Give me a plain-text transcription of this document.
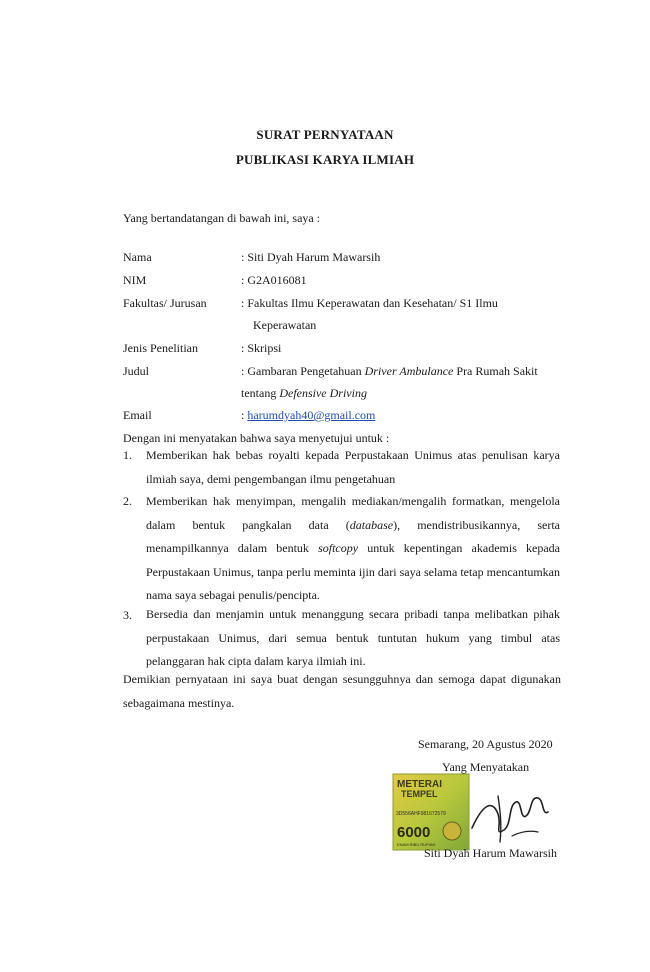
SURAT PERNYATAAN
PUBLIKASI KARYA ILMIAH
Yang bertandatangan di bawah ini, saya :
Nama	: Siti Dyah Harum Mawarsih
NIM	: G2A016081
Fakultas/ Jurusan	: Fakultas Ilmu Keperawatan dan Kesehatan/ S1 Ilmu
Keperawatan
Jenis Penelitian	: Skripsi
Judul	: Gambaran Pengetahuan Driver Ambulance Pra Rumah Sakit
tentang Defensive Driving
Email	: harumdyah40@gmail.com
Dengan ini menyatakan bahwa saya menyetujui untuk :
1. Memberikan hak bebas royalti kepada Perpustakaan Unimus atas penulisan karya ilmiah saya, demi pengembangan ilmu pengetahuan
2. Memberikan hak menyimpan, mengalih mediakan/mengalih formatkan, mengelola dalam bentuk pangkalan data (database), mendistribusikannya, serta menampilkannya dalam bentuk softcopy untuk kepentingan akademis kepada Perpustakaan Unimus, tanpa perlu meminta ijin dari saya selama tetap mencantumkan nama saya sebagai penulis/pencipta.
3. Bersedia dan menjamin untuk menanggung secara pribadi tanpa melibatkan pihak perpustakaan Unimus, dari semua bentuk tuntutan hukum yang timbul atas pelanggaran hak cipta dalam karya ilmiah ini.
Demikian pernyataan ini saya buat dengan sesungguhnya dan semoga dapat digunakan sebagaimana mestinya.
Semarang, 20 Agustus 2020
Yang Menyatakan
METERAI
TEMPEL
3D556AHF981672579
6000
ENAM RIBU RUPIAH
Siti Dyah Harum Mawarsih
